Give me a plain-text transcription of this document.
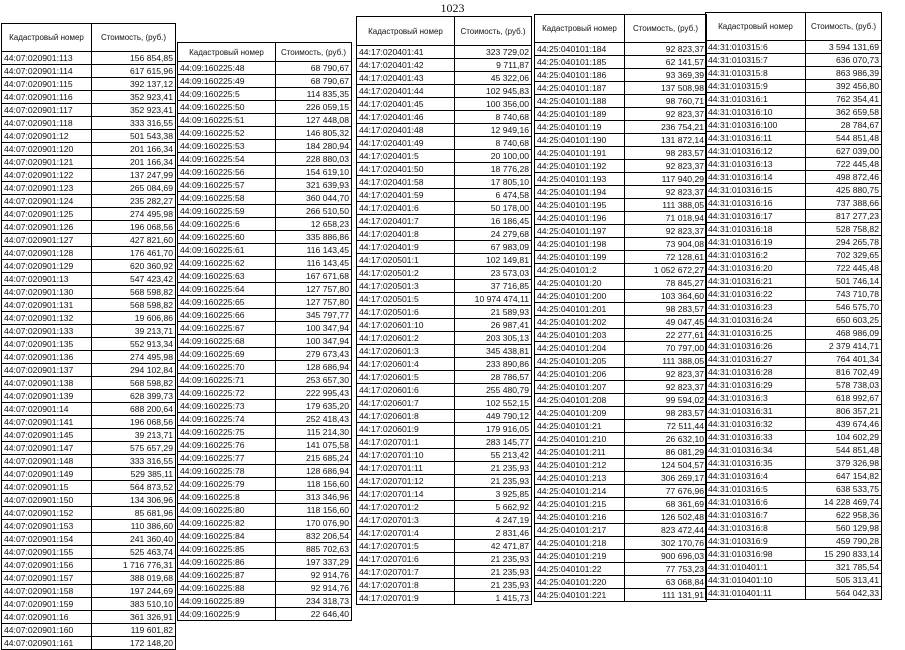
1023
Кадастровый номер	Стоимость, (руб.)
44:07:020901:113	156 854,85
44:07:020901:114	617 615,96
44:07:020901:115	392 137,12
44:07:020901:116	352 923,41
44:07:020901:117	352 923,41
44:07:020901:118	333 316,55
44:07:020901:12	501 543,38
44:07:020901:120	201 166,34
44:07:020901:121	201 166,34
44:07:020901:122	137 247,99
44:07:020901:123	265 084,69
44:07:020901:124	235 282,27
44:07:020901:125	274 495,98
44:07:020901:126	196 068,56
44:07:020901:127	427 821,60
44:07:020901:128	176 461,70
44:07:020901:129	620 360,92
44:07:020901:13	547 423,42
44:07:020901:130	568 598,82
44:07:020901:131	568 598,82
44:07:020901:132	19 606,86
44:07:020901:133	39 213,71
44:07:020901:135	552 913,34
44:07:020901:136	274 495,98
44:07:020901:137	294 102,84
44:07:020901:138	568 598,82
44:07:020901:139	628 399,73
44:07:020901:14	688 200,64
44:07:020901:141	196 068,56
44:07:020901:145	39 213,71
44:07:020901:147	575 657,29
44:07:020901:148	333 316,55
44:07:020901:149	529 385,11
44:07:020901:15	564 873,52
44:07:020901:150	134 306,96
44:07:020901:152	85 681,96
44:07:020901:153	110 386,60
44:07:020901:154	241 360,40
44:07:020901:155	525 463,74
44:07:020901:156	1 716 776,31
44:07:020901:157	388 019,68
44:07:020901:158	197 244,69
44:07:020901:159	383 510,10
44:07:020901:16	361 326,91
44:07:020901:160	119 601,82
44:07:020901:161	172 148,20
Кадастровый номер	Стоимость, (руб.)
44:09:160225:48	68 790,67
44:09:160225:49	68 790,67
44:09:160225:5	114 835,35
44:09:160225:50	226 059,15
44:09:160225:51	127 448,08
44:09:160225:52	146 805,32
44:09:160225:53	184 280,94
44:09:160225:54	228 880,03
44:09:160225:56	154 619,10
44:09:160225:57	321 639,93
44:09:160225:58	360 044,70
44:09:160225:59	266 510,50
44:09:160225:6	12 658,23
44:09:160225:60	335 886,86
44:09:160225:61	116 143,45
44:09:160225:62	116 143,45
44:09:160225:63	167 671,68
44:09:160225:64	127 757,80
44:09:160225:65	127 757,80
44:09:160225:66	345 797,77
44:09:160225:67	100 347,94
44:09:160225:68	100 347,94
44:09:160225:69	279 673,43
44:09:160225:70	128 686,94
44:09:160225:71	253 657,30
44:09:160225:72	222 995,43
44:09:160225:73	179 635,20
44:09:160225:74	252 418,43
44:09:160225:75	115 214,30
44:09:160225:76	141 075,58
44:09:160225:77	215 685,24
44:09:160225:78	128 686,94
44:09:160225:79	118 156,60
44:09:160225:8	313 346,96
44:09:160225:80	118 156,60
44:09:160225:82	170 076,90
44:09:160225:84	832 206,54
44:09:160225:85	885 702,63
44:09:160225:86	197 337,29
44:09:160225:87	92 914,76
44:09:160225:88	92 914,76
44:09:160225:89	234 318,73
44:09:160225:9	22 646,40
Кадастровый номер	Стоимость, (руб.)
44:17:020401:41	323 729,02
44:17:020401:42	9 711,87
44:17:020401:43	45 322,06
44:17:020401:44	102 945,83
44:17:020401:45	100 356,00
44:17:020401:46	8 740,68
44:17:020401:48	12 949,16
44:17:020401:49	8 740,68
44:17:020401:5	20 100,00
44:17:020401:50	18 776,28
44:17:020401:58	17 805,10
44:17:020401:59	6 474,58
44:17:020401:6	50 178,00
44:17:020401:7	16 186,45
44:17:020401:8	24 279,68
44:17:020401:9	67 983,09
44:17:020501:1	102 149,81
44:17:020501:2	23 573,03
44:17:020501:3	37 716,85
44:17:020501:5	10 974 474,11
44:17:020501:6	21 589,93
44:17:020601:10	26 987,41
44:17:020601:2	203 305,13
44:17:020601:3	345 438,81
44:17:020601:4	233 890,86
44:17:020601:5	28 786,57
44:17:020601:6	255 480,79
44:17:020601:7	102 552,15
44:17:020601:8	449 790,12
44:17:020601:9	179 916,05
44:17:020701:1	283 145,77
44:17:020701:10	55 213,42
44:17:020701:11	21 235,93
44:17:020701:12	21 235,93
44:17:020701:14	3 925,85
44:17:020701:2	5 662,92
44:17:020701:3	4 247,19
44:17:020701:4	2 831,46
44:17:020701:5	42 471,87
44:17:020701:6	21 235,93
44:17:020701:7	21 235,93
44:17:020701:8	21 235,93
44:17:020701:9	1 415,73
Кадастровый номер	Стоимость, (руб.)
44:25:040101:184	92 823,37
44:25:040101:185	62 141,57
44:25:040101:186	93 369,39
44:25:040101:187	137 508,98
44:25:040101:188	98 760,71
44:25:040101:189	92 823,37
44:25:040101:19	236 754,21
44:25:040101:190	131 872,14
44:25:040101:191	98 283,57
44:25:040101:192	92 823,37
44:25:040101:193	117 940,29
44:25:040101:194	92 823,37
44:25:040101:195	111 388,05
44:25:040101:196	71 018,94
44:25:040101:197	92 823,37
44:25:040101:198	73 904,08
44:25:040101:199	72 128,61
44:25:040101:2	1 052 672,27
44:25:040101:20	78 845,27
44:25:040101:200	103 364,60
44:25:040101:201	98 283,57
44:25:040101:202	49 047,45
44:25:040101:203	22 277,61
44:25:040101:204	70 797,00
44:25:040101:205	111 388,05
44:25:040101:206	92 823,37
44:25:040101:207	92 823,37
44:25:040101:208	99 594,02
44:25:040101:209	98 283,57
44:25:040101:21	72 511,44
44:25:040101:210	26 632,10
44:25:040101:211	86 081,29
44:25:040101:212	124 504,57
44:25:040101:213	306 269,17
44:25:040101:214	77 676,96
44:25:040101:215	68 361,69
44:25:040101:216	126 502,48
44:25:040101:217	823 472,44
44:25:040101:218	302 170,76
44:25:040101:219	900 696,03
44:25:040101:22	77 753,23
44:25:040101:220	63 068,84
44:25:040101:221	111 131,91
Кадастровый номер	Стоимость, (руб.)
44:31:010315:6	3 594 131,69
44:31:010315:7	636 070,73
44:31:010315:8	863 986,39
44:31:010315:9	392 456,80
44:31:010316:1	762 354,41
44:31:010316:10	362 659,58
44:31:010316:100	28 784,67
44:31:010316:11	544 851,48
44:31:010316:12	627 039,00
44:31:010316:13	722 445,48
44:31:010316:14	498 872,46
44:31:010316:15	425 880,75
44:31:010316:16	737 388,66
44:31:010316:17	817 277,23
44:31:010316:18	528 758,82
44:31:010316:19	294 265,78
44:31:010316:2	702 329,65
44:31:010316:20	722 445,48
44:31:010316:21	501 746,14
44:31:010316:22	743 710,78
44:31:010316:23	546 575,70
44:31:010316:24	650 603,25
44:31:010316:25	468 986,09
44:31:010316:26	2 379 414,71
44:31:010316:27	764 401,34
44:31:010316:28	816 702,49
44:31:010316:29	578 738,03
44:31:010316:3	618 992,67
44:31:010316:31	806 357,21
44:31:010316:32	439 674,46
44:31:010316:33	104 602,29
44:31:010316:34	544 851,48
44:31:010316:35	379 326,98
44:31:010316:4	647 154,82
44:31:010316:5	638 533,75
44:31:010316:6	14 228 469,74
44:31:010316:7	622 958,36
44:31:010316:8	560 129,98
44:31:010316:9	459 790,28
44:31:010316:98	15 290 833,14
44:31:010401:1	321 785,54
44:31:010401:10	505 313,41
44:31:010401:11	564 042,33
